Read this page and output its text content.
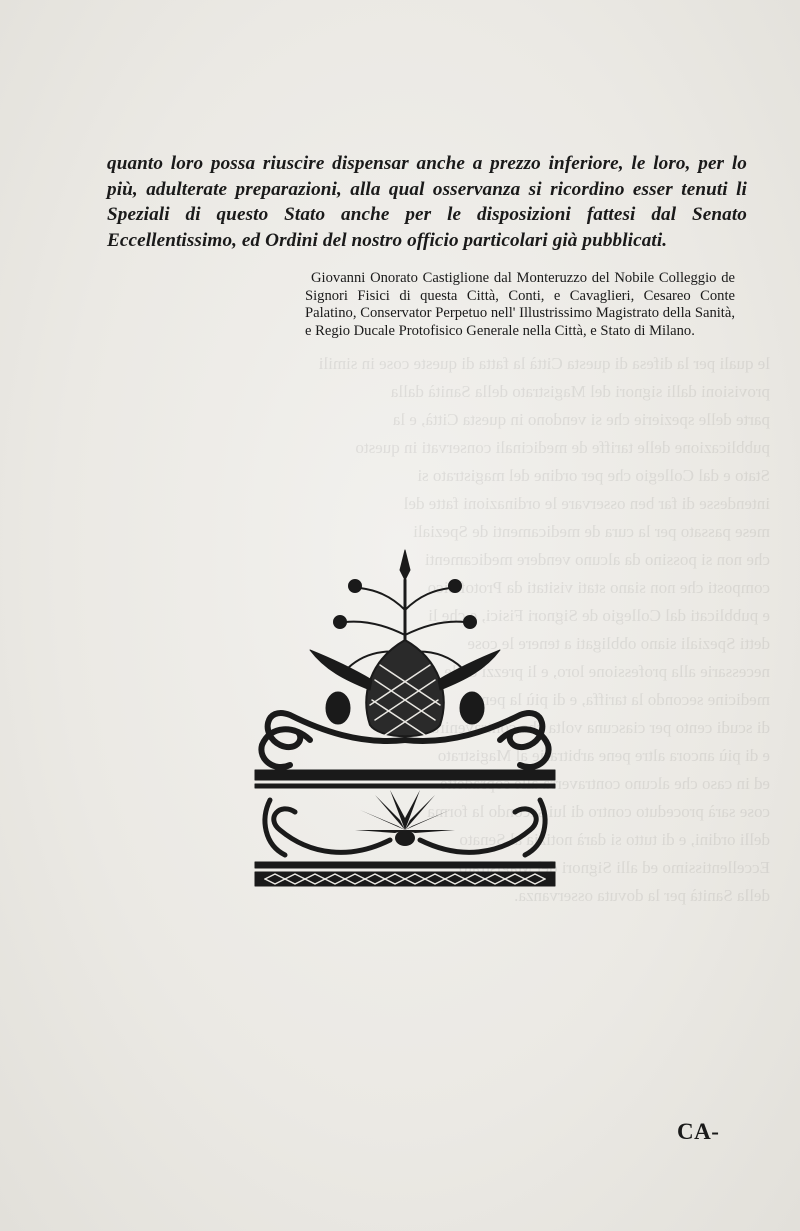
le quali per la difesa di questa Città la fatta di queste cose in simili
provisioni dalli signori del Magistrato della Sanità dalla
parte delle spezierie che si vendono in questa Città, e la
pubblicazione delle tariffe de medicinali conservati in questo
Stato e dal Collegio che per ordine del magistrato si
intendesse di far ben osservare le ordinazioni fatte del
mese passato per la cura de medicamenti de Speziali
che non si possino da alcuno vendere medicamenti
composti che non siano stati visitati da Protofisico
e pubblicati dal Collegio de Signori Fisici, e che li
detti Speziali siano obbligati a tenere le cose
necessarie alla professione loro, e li prezzi
medicine secondo la tariffa, e di più la pena
di scudi cento per ciascuna volta che contraveniranno
e di più ancora altre pene arbitrarie al Magistrato
ed in caso che alcuno contraverrà
cose sarà proceduto contro di lui secondo la forma
delli ordini, e di tutto si darà notizia al Senato
Eccellentissimo ed alli Signori
della Sanità per la dovuta osservanza.
quanto loro possa riuscire dispensar anche a prezzo inferiore, le loro, per lo più, adulterate preparazioni, alla qual osservanza si ricordino esser tenuti li Speziali di questo Stato anche per le disposizioni fattesi dal Senato Eccellentissimo, ed Ordini del nostro officio particolari già pubblicati.
Giovanni Onorato Castiglione dal Monteruzzo del Nobile Colleggio de Signori Fisici di questa Città, Conti, e Cavaglieri, Cesareo Conte Palatino, Conservator Perpetuo nell' Illustrissimo Magistrato della Sanità, e Regio Ducale Protofisico Generale nella Città, e Stato di Milano.
CA-
